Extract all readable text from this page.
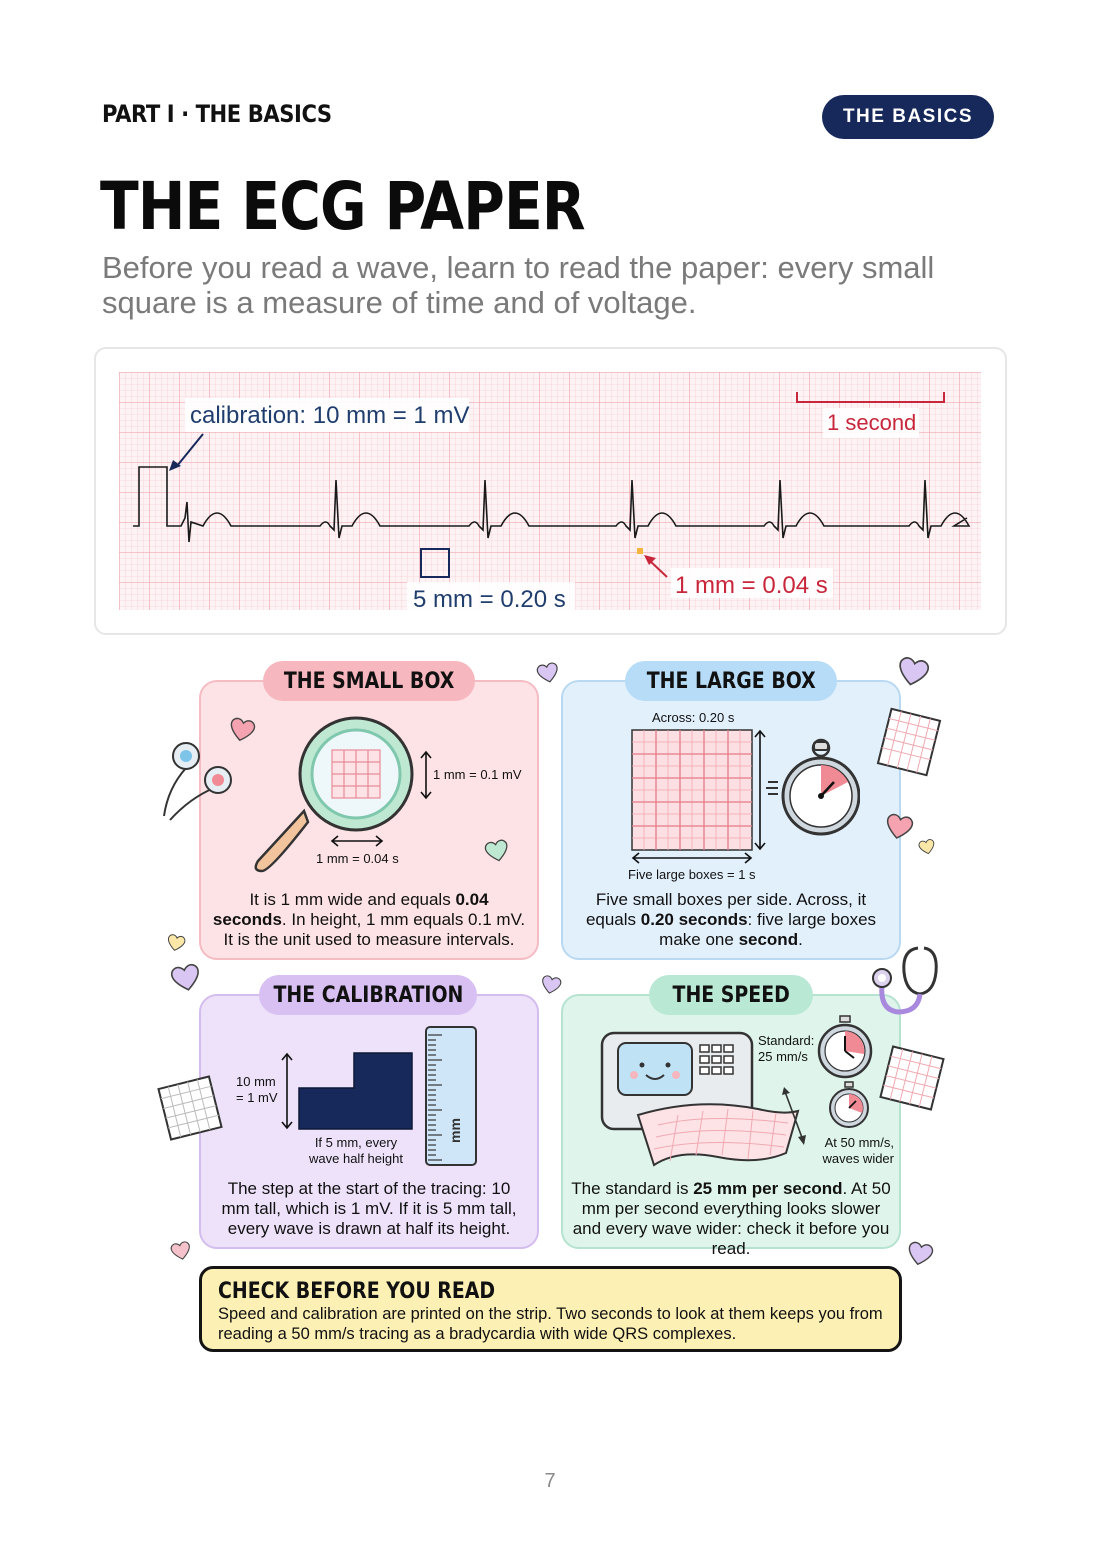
PART I · THE BASICS	THE BASICS
THE ECG PAPER
Before you read a wave, learn to read the paper: every small square is a measure of time and of voltage.
calibration: 10 mm = 1 mV	1 second
5 mm = 0.20 s
1 mm = 0.04 s
THE SMALL BOX
1 mm = 0.1 mV
1 mm = 0.04 s
It is 1 mm wide and equals 0.04 seconds. In height, 1 mm equals 0.1 mV. It is the unit used to measure intervals.
THE LARGE BOX
Across: 0.20 s
Five large boxes = 1 s
Five small boxes per side. Across, it equals 0.20 seconds: five large boxes make one second.
THE CALIBRATION
10 mm = 1 mV
If 5 mm, every wave half height
mm
The step at the start of the tracing: 10 mm tall, which is 1 mV. If it is 5 mm tall, every wave is drawn at half its height.
THE SPEED
Standard: 25 mm/s
At 50 mm/s, waves wider
The standard is 25 mm per second. At 50 mm per second everything looks slower and every wave wider: check it before you read.
CHECK BEFORE YOU READ
Speed and calibration are printed on the strip. Two seconds to look at them keeps you from reading a 50 mm/s tracing as a bradycardia with wide QRS complexes.
7
